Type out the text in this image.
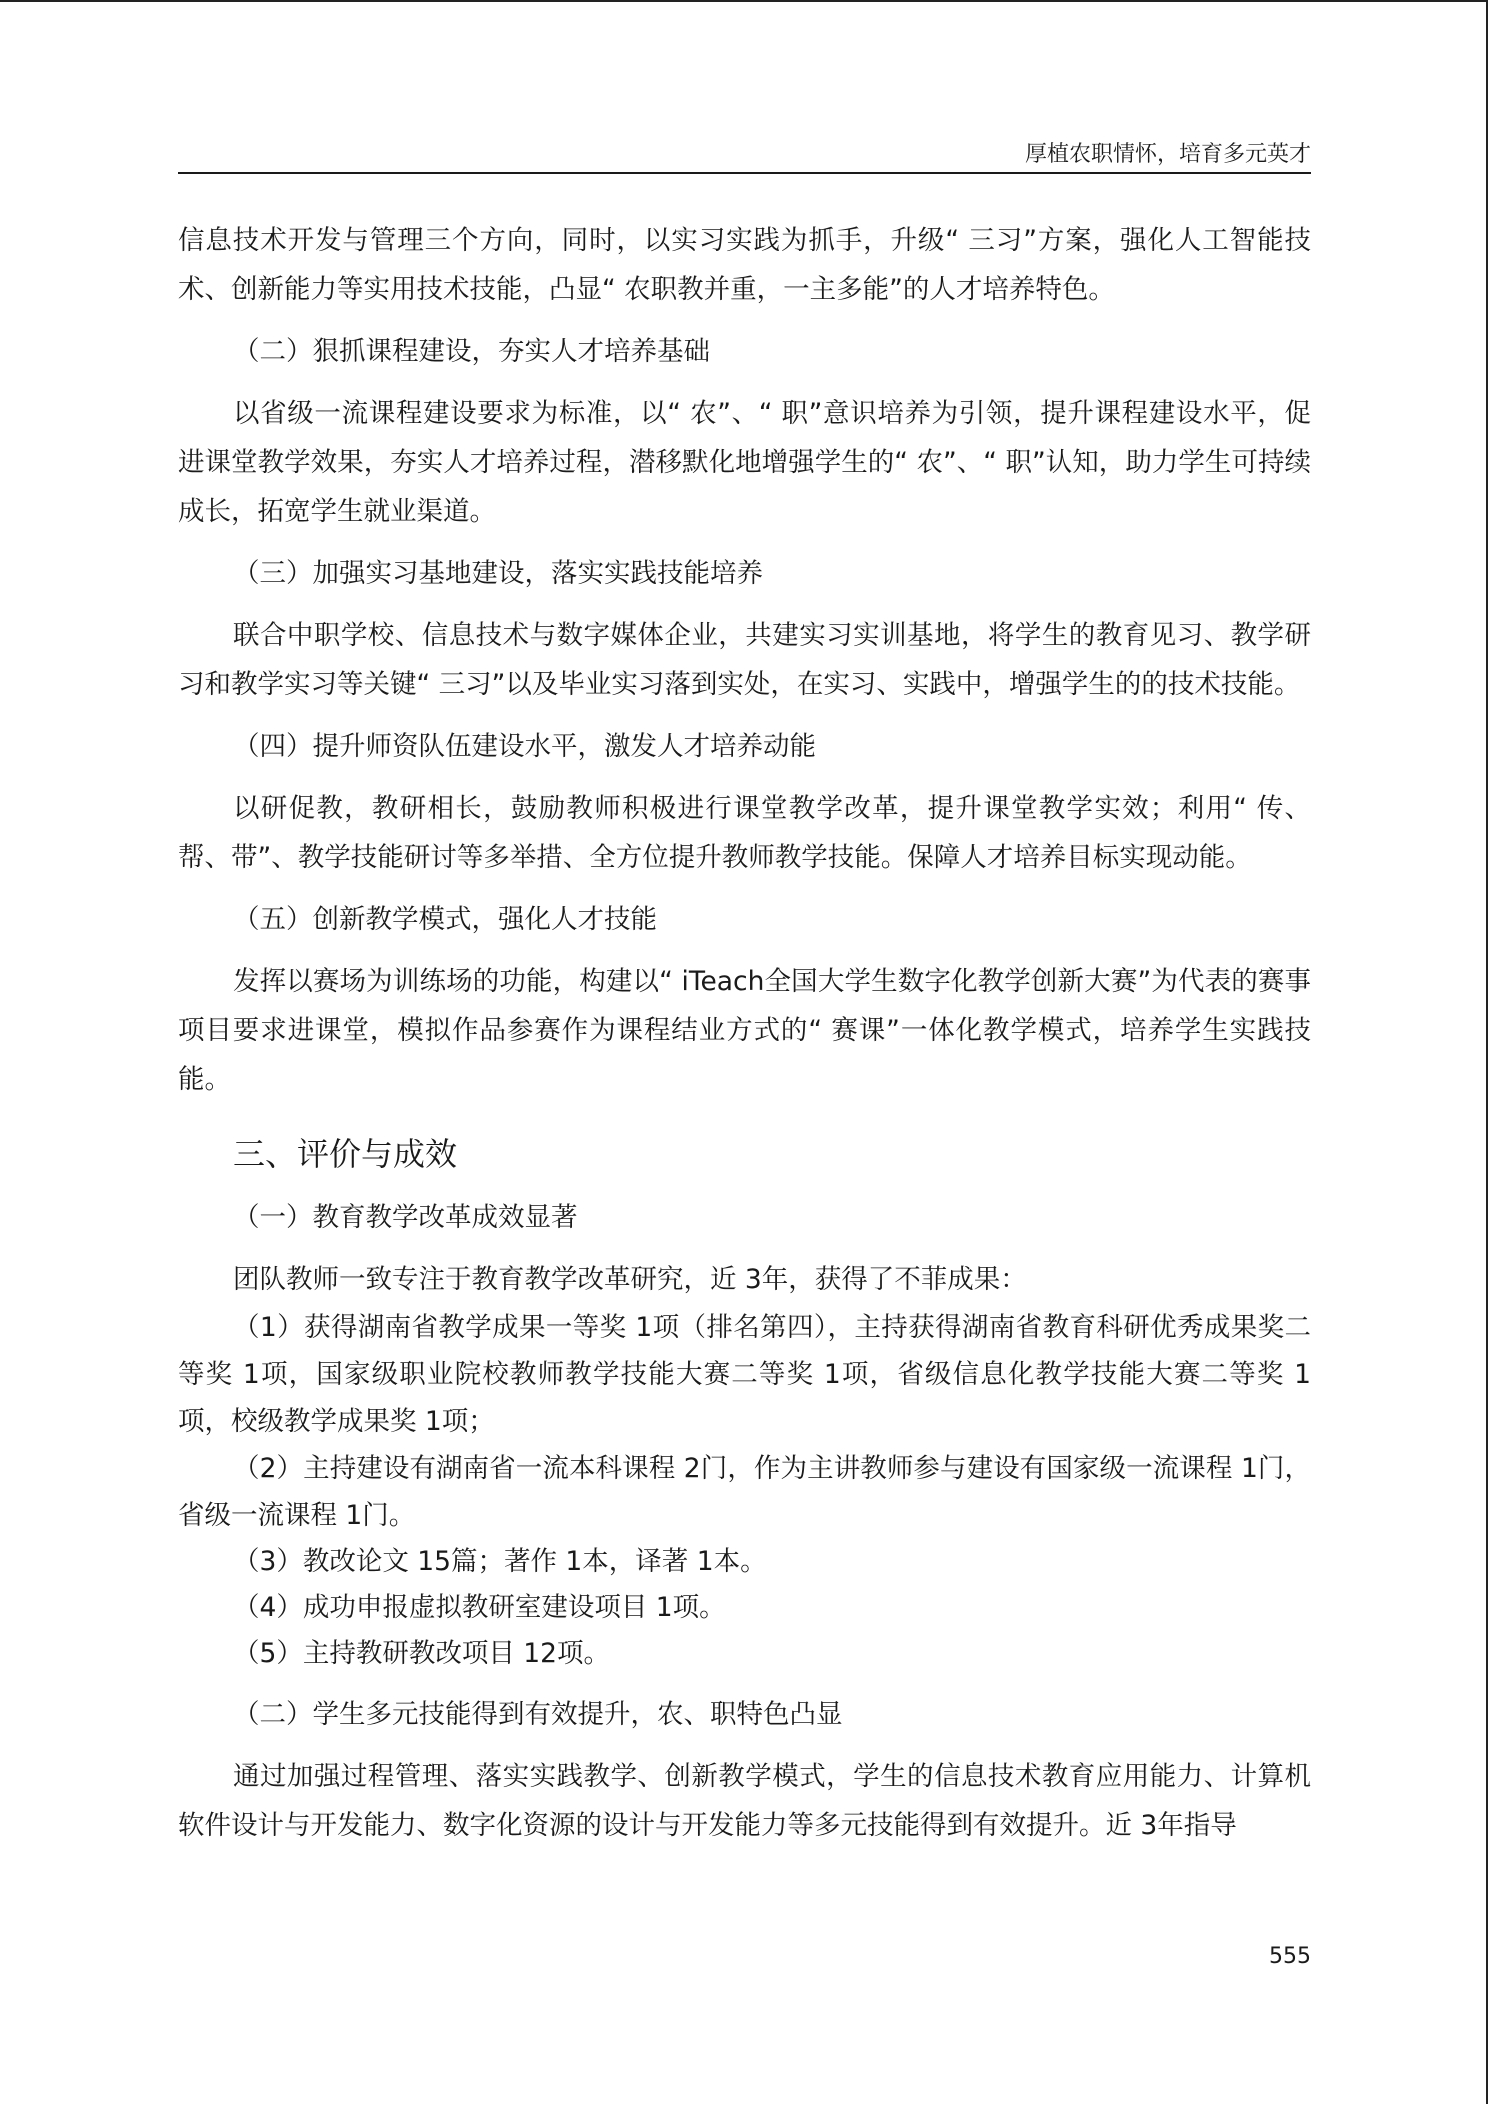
厚植农职情怀，培育多元英才

信息技术开发与管理三个方向，同时，以实习实践为抓手，升级“ 三习”方案，强化人工智能技术、创新能力等实用技术技能，凸显“ 农职教并重，一主多能”的人才培养特色。

（二）狠抓课程建设，夯实人才培养基础

以省级一流课程建设要求为标准，以“ 农”、“ 职”意识培养为引领，提升课程建设水平，促进课堂教学效果，夯实人才培养过程，潜移默化地增强学生的“ 农”、“ 职”认知，助力学生可持续成长，拓宽学生就业渠道。

（三）加强实习基地建设，落实实践技能培养

联合中职学校、信息技术与数字媒体企业，共建实习实训基地，将学生的教育见习、教学研习和教学实习等关键“ 三习”以及毕业实习落到实处，在实习、实践中，增强学生的的技术技能。

（四）提升师资队伍建设水平，激发人才培养动能

以研促教，教研相长，鼓励教师积极进行课堂教学改革，提升课堂教学实效；利用“ 传、帮、带”、教学技能研讨等多举措、全方位提升教师教学技能。保障人才培养目标实现动能。

（五）创新教学模式，强化人才技能

发挥以赛场为训练场的功能，构建以“ iTeach全国大学生数字化教学创新大赛”为代表的赛事项目要求进课堂，模拟作品参赛作为课程结业方式的“ 赛课”一体化教学模式，培养学生实践技能。

三、评价与成效

（一）教育教学改革成效显著

团队教师一致专注于教育教学改革研究，近 3年，获得了不菲成果：

（1）获得湖南省教学成果一等奖 1项（排名第四），主持获得湖南省教育科研优秀成果奖二等奖 1项，国家级职业院校教师教学技能大赛二等奖 1项，省级信息化教学技能大赛二等奖 1项，校级教学成果奖 1项；

（2）主持建设有湖南省一流本科课程 2门，作为主讲教师参与建设有国家级一流课程 1门，省级一流课程 1门。

（3）教改论文 15篇；著作 1本，译著 1本。

（4）成功申报虚拟教研室建设项目 1项。

（5）主持教研教改项目 12项。

（二）学生多元技能得到有效提升，农、职特色凸显

通过加强过程管理、落实实践教学、创新教学模式，学生的信息技术教育应用能力、计算机软件设计与开发能力、数字化资源的设计与开发能力等多元技能得到有效提升。近 3年指导

555
